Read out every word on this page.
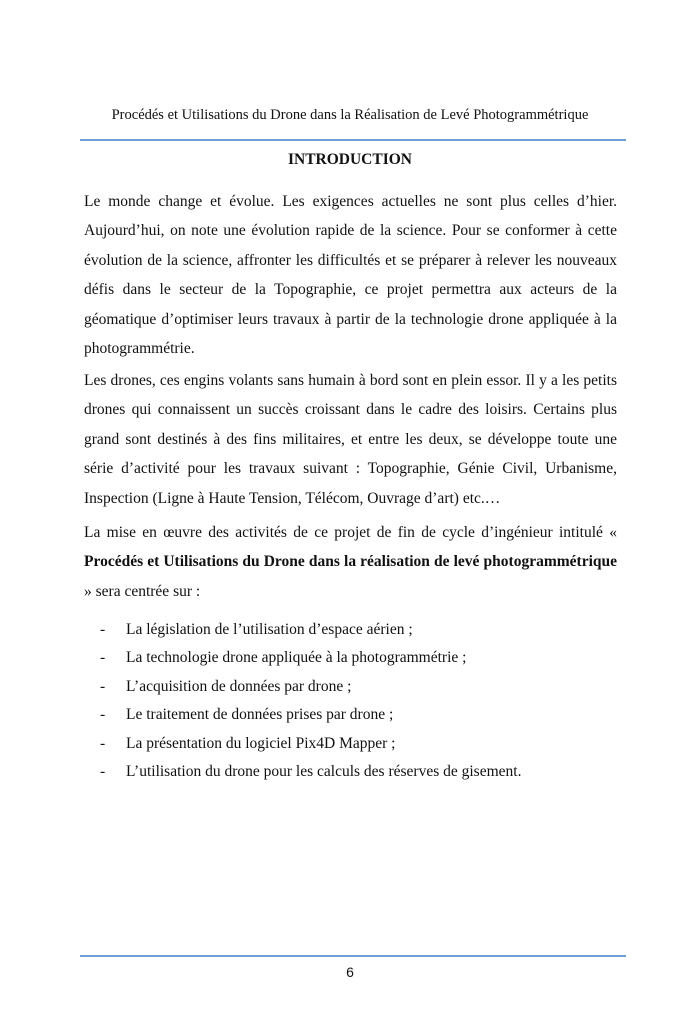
Procédés et Utilisations du Drone dans la Réalisation de Levé Photogrammétrique
INTRODUCTION

Le monde change et évolue. Les exigences actuelles ne sont plus celles d’hier. Aujourd’hui, on note une évolution rapide de la science. Pour se conformer à cette évolution de la science, affronter les difficultés et se préparer à relever les nouveaux défis dans le secteur de la Topographie, ce projet permettra aux acteurs de la géomatique d’optimiser leurs travaux à partir de la technologie drone appliquée à la photogrammétrie.

Les drones, ces engins volants sans humain à bord sont en plein essor. Il y a les petits drones qui connaissent un succès croissant dans le cadre des loisirs. Certains plus grand sont destinés à des fins militaires, et entre les deux, se développe toute une série d’activité pour les travaux suivant : Topographie, Génie Civil, Urbanisme, Inspection (Ligne à Haute Tension, Télécom, Ouvrage d’art) etc.…

La mise en œuvre des activités de ce projet de fin de cycle d’ingénieur intitulé « Procédés et Utilisations du Drone dans la réalisation de levé photogrammétrique » sera centrée sur :

- La législation de l’utilisation d’espace aérien ;
- La technologie drone appliquée à la photogrammétrie ;
- L’acquisition de données par drone ;
- Le traitement de données prises par drone ;
- La présentation du logiciel Pix4D Mapper ;
- L’utilisation du drone pour les calculs des réserves de gisement.
6
